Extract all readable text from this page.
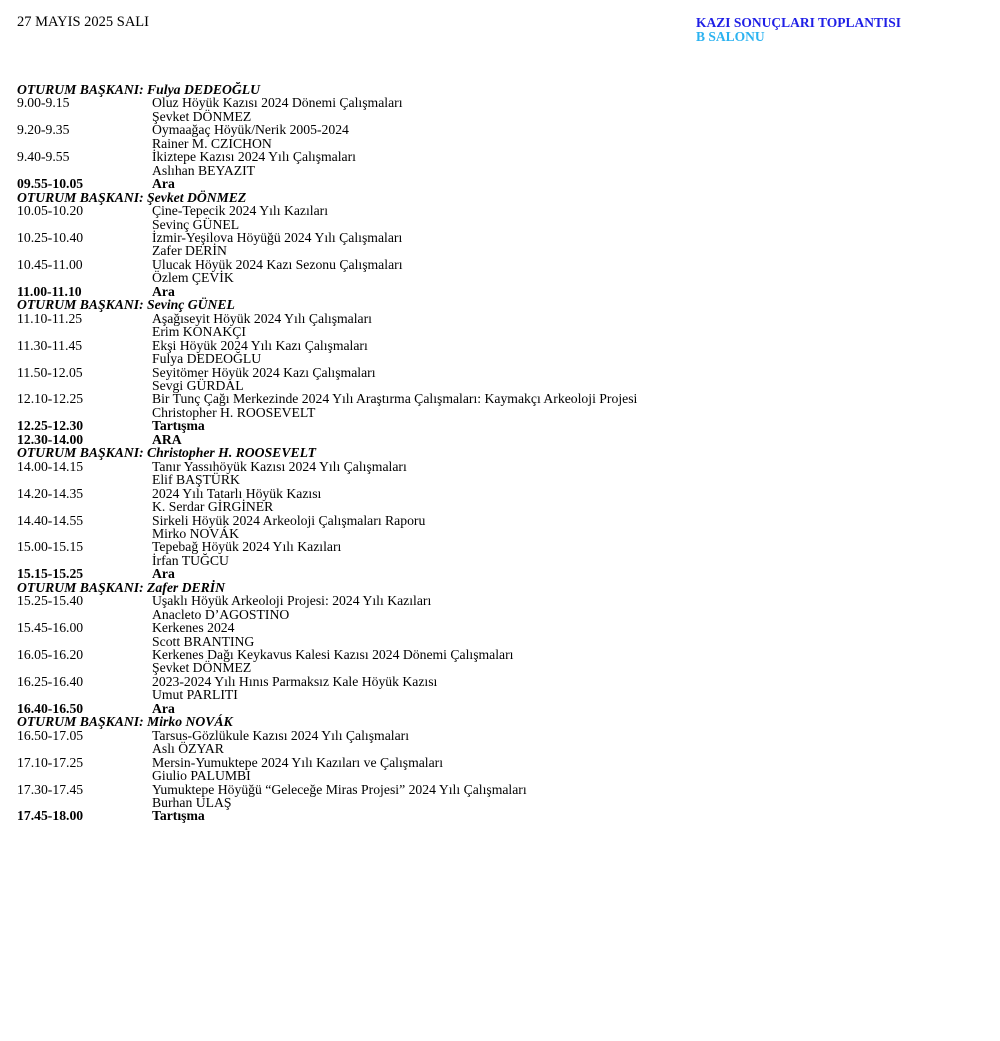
27 MAYIS 2025 SALI	KAZI SONUÇLARI TOPLANTISI
B SALONU
OTURUM BAŞKANI: Fulya DEDEOĞLU
9.00-9.15	Oluz Höyük Kazısı 2024 Dönemi Çalışmaları
Şevket DÖNMEZ
9.20-9.35	Oymaağaç Höyük/Nerik 2005-2024
Rainer M. CZICHON
9.40-9.55	İkiztepe Kazısı 2024 Yılı Çalışmaları
Aslıhan BEYAZIT
09.55-10.05	Ara
OTURUM BAŞKANI: Şevket DÖNMEZ
10.05-10.20	Çine-Tepecik 2024 Yılı Kazıları
Sevinç GÜNEL
10.25-10.40	İzmir-Yeşilova Höyüğü 2024 Yılı Çalışmaları
Zafer DERİN
10.45-11.00	Ulucak Höyük 2024 Kazı Sezonu Çalışmaları
Özlem ÇEVİK
11.00-11.10	Ara
OTURUM BAŞKANI: Sevinç GÜNEL
11.10-11.25	Aşağıseyit Höyük 2024 Yılı Çalışmaları
Erim KONAKÇI
11.30-11.45	Ekşi Höyük 2024 Yılı Kazı Çalışmaları
Fulya DEDEOĞLU
11.50-12.05	Seyitömer Höyük 2024 Kazı Çalışmaları
Sevgi GÜRDAL
12.10-12.25	Bir Tunç Çağı Merkezinde 2024 Yılı Araştırma Çalışmaları: Kaymakçı Arkeoloji Projesi
Christopher H. ROOSEVELT
12.25-12.30	Tartışma
12.30-14.00	ARA
OTURUM BAŞKANI: Christopher H. ROOSEVELT
14.00-14.15	Tanır Yassıhöyük Kazısı 2024 Yılı Çalışmaları
Elif BAŞTÜRK
14.20-14.35	2024 Yılı Tatarlı Höyük Kazısı
K. Serdar GİRGİNER
14.40-14.55	Sirkeli Höyük 2024 Arkeoloji Çalışmaları Raporu
Mirko NOVÁK
15.00-15.15	Tepebağ Höyük 2024 Yılı Kazıları
İrfan TUĞCU
15.15-15.25	Ara
OTURUM BAŞKANI: Zafer DERİN
15.25-15.40	Uşaklı Höyük Arkeoloji Projesi: 2024 Yılı Kazıları
Anacleto D’AGOSTINO
15.45-16.00	Kerkenes 2024
Scott BRANTING
16.05-16.20	Kerkenes Dağı Keykavus Kalesi Kazısı 2024 Dönemi Çalışmaları
Şevket DÖNMEZ
16.25-16.40	2023-2024 Yılı Hınıs Parmaksız Kale Höyük Kazısı
Umut PARLITI
16.40-16.50	Ara
OTURUM BAŞKANI: Mirko NOVÁK
16.50-17.05	Tarsus-Gözlükule Kazısı 2024 Yılı Çalışmaları
Aslı ÖZYAR
17.10-17.25	Mersin-Yumuktepe 2024 Yılı Kazıları ve Çalışmaları
Giulio PALUMBI
17.30-17.45	Yumuktepe Höyüğü “Geleceğe Miras Projesi” 2024 Yılı Çalışmaları
Burhan ULAŞ
17.45-18.00	Tartışma
